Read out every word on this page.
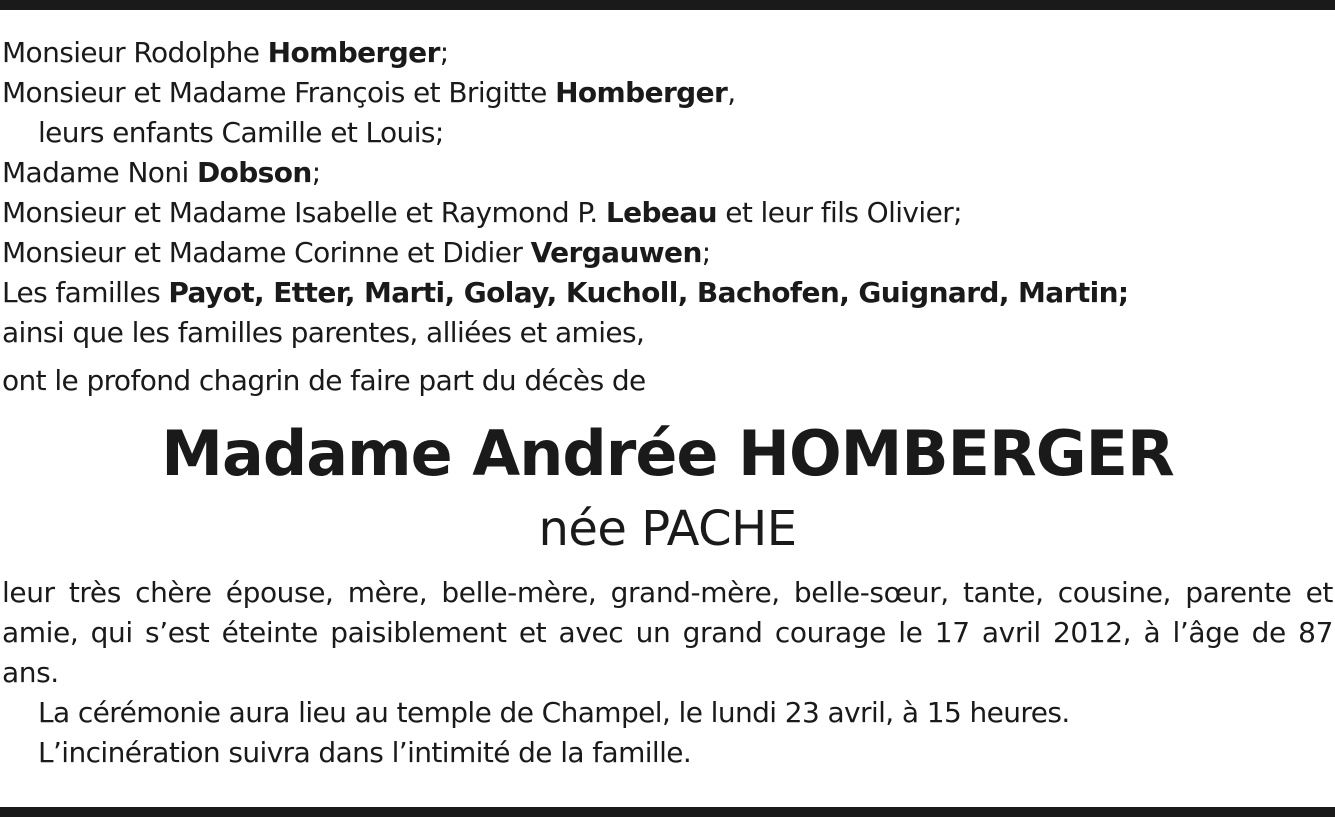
Monsieur Rodolphe Homberger;
Monsieur et Madame François et Brigitte Homberger,
leurs enfants Camille et Louis;
Madame Noni Dobson;
Monsieur et Madame Isabelle et Raymond P. Lebeau et leur fils Olivier;
Monsieur et Madame Corinne et Didier Vergauwen;
Les familles Payot, Etter, Marti, Golay, Kucholl, Bachofen, Guignard, Martin;
ainsi que les familles parentes, alliées et amies,
ont le profond chagrin de faire part du décès de
Madame Andrée HOMBERGER
née PACHE
leur très chère épouse, mère, belle-mère, grand-mère, belle-sœur, tante, cousine, parente et amie, qui s’est éteinte paisiblement et avec un grand courage le 17 avril 2012, à l’âge de 87 ans.
La cérémonie aura lieu au temple de Champel, le lundi 23 avril, à 15 heures.
L’incinération suivra dans l’intimité de la famille.
